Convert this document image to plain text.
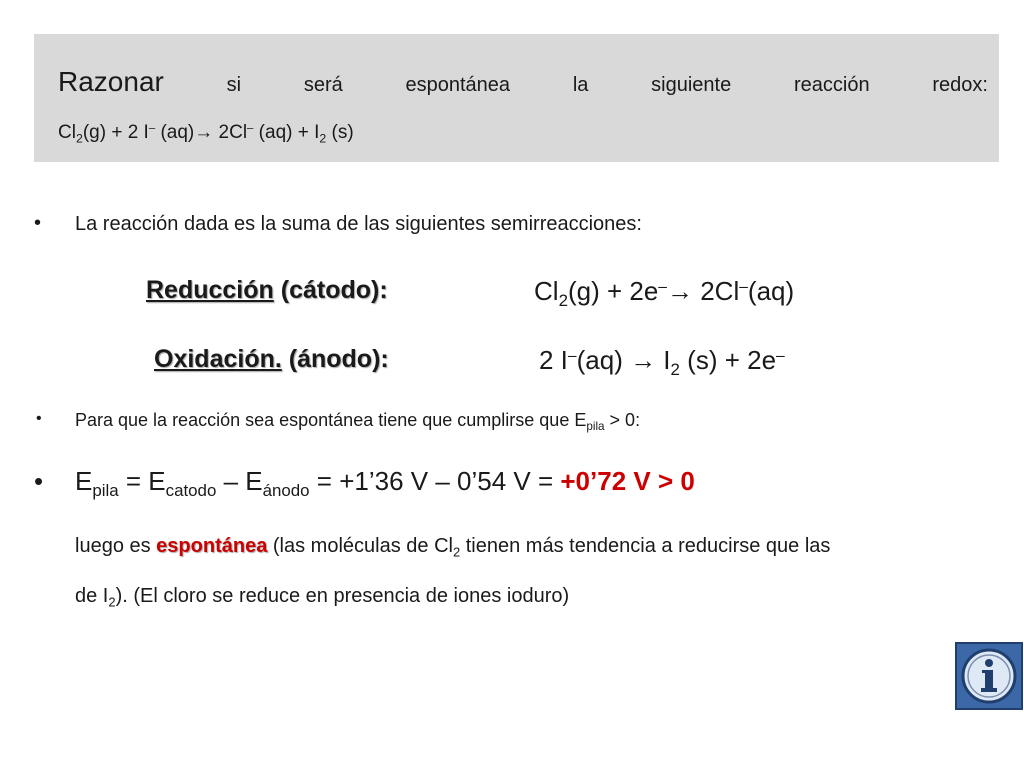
Razonar	si	será	espontánea	la	siguiente	reacción	redox:
$Cl_2(g) + 2$ I– (aq)→ 2Cl– $(aq) + I_2$ (s)
• La reacción dada es la suma de las siguientes semirreacciones:
Reducción (cátodo):	$Cl_2(g) + 2e^-\to 2Cl^-(aq)$
Oxidación. (ánodo):	2 $I^-(aq) \to I_2$ (s) + 2e–
• Para que la reacción sea espontánea tiene que cumplirse que $E_{pila} > 0$:
• $E_{pila} = E_{catodo} - E_{ánodo}$ = +1’36 V – 0’54 V = +0’72 V > 0
luego es espontánea (las moléculas de $Cl_2$ tienen más tendencia a reducirse que las
de $I_2$). (El cloro se reduce en presencia de iones ioduro)
